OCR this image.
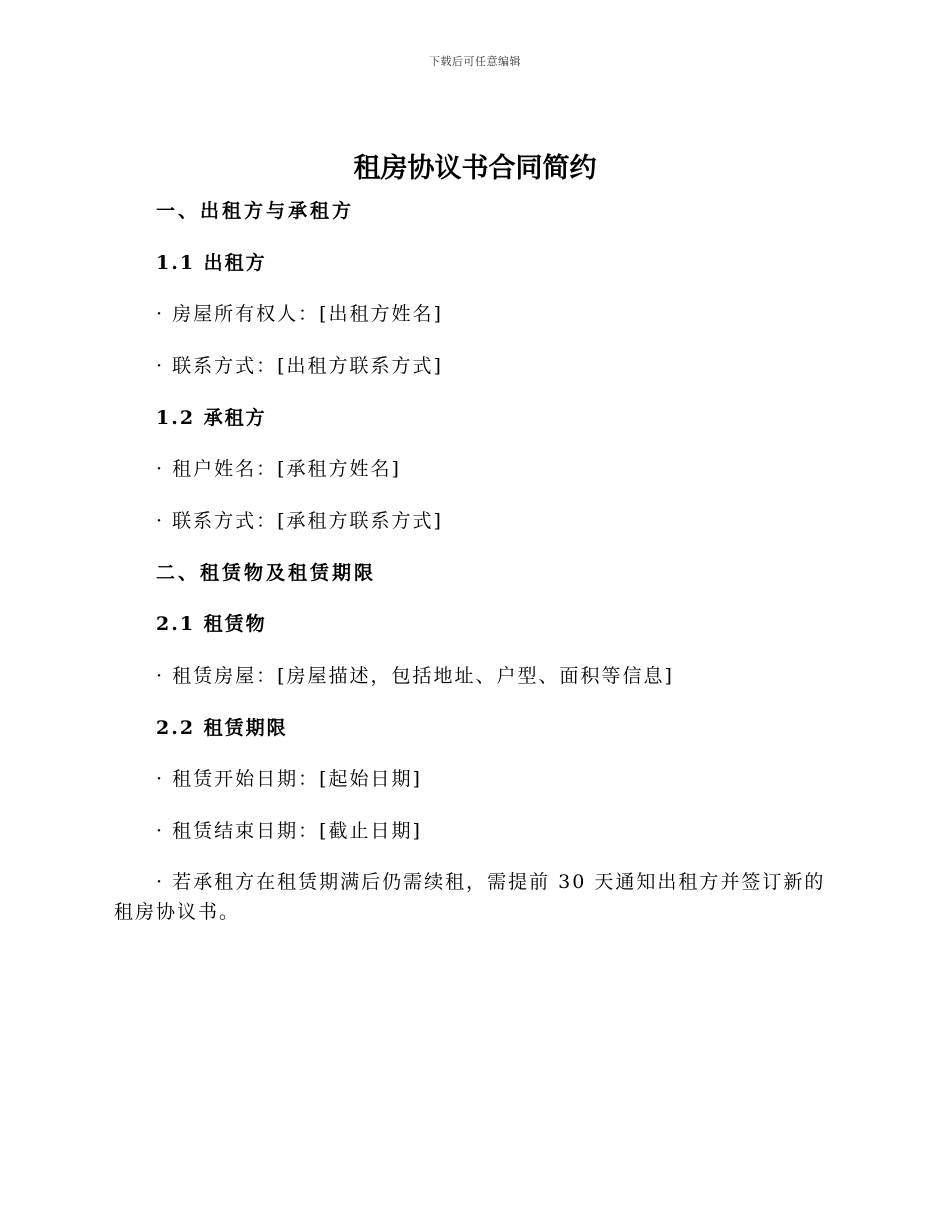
下载后可任意编辑
租房协议书合同简约
一、出租方与承租方
1.1 出租方
· 房屋所有权人：[出租方姓名]
· 联系方式：[出租方联系方式]
1.2 承租方
· 租户姓名：[承租方姓名]
· 联系方式：[承租方联系方式]
二、租赁物及租赁期限
2.1 租赁物
· 租赁房屋：[房屋描述，包括地址、户型、面积等信息]
2.2 租赁期限
· 租赁开始日期：[起始日期]
· 租赁结束日期：[截止日期]

· 若承租方在租赁期满后仍需续租，需提前 30 天通知出租方并签订新的租房协议书。
